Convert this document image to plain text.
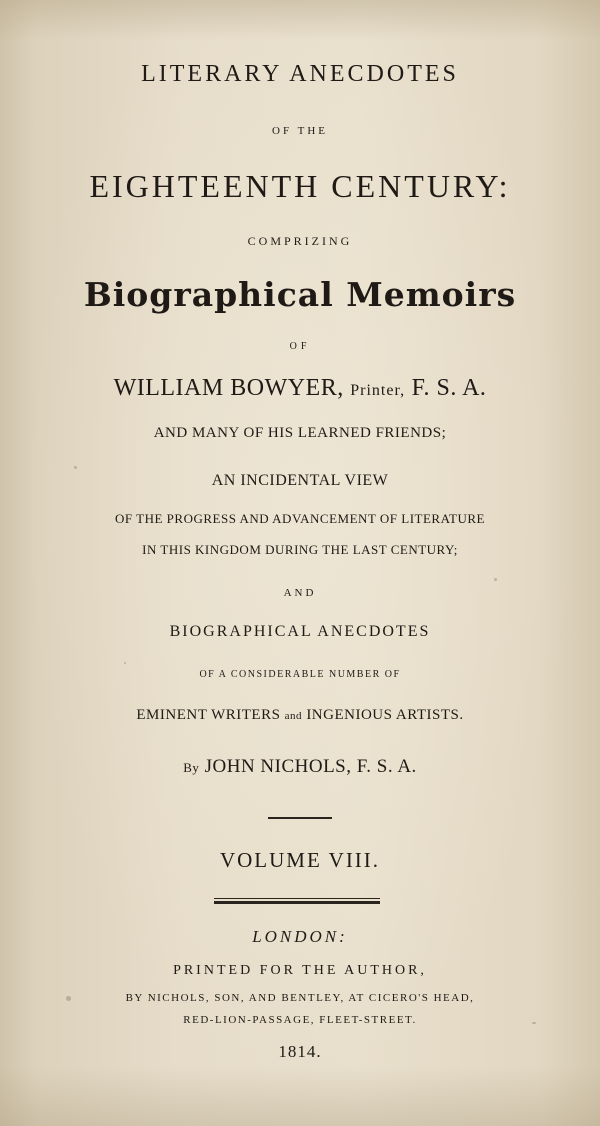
LITERARY ANECDOTES
OF THE
EIGHTEENTH CENTURY:
COMPRIZING
Biographical Memoirs
OF
WILLIAM BOWYER, Printer, F. S. A.
AND MANY OF HIS LEARNED FRIENDS;
AN INCIDENTAL VIEW
OF THE PROGRESS AND ADVANCEMENT OF LITERATURE
IN THIS KINGDOM DURING THE LAST CENTURY;
AND
BIOGRAPHICAL ANECDOTES
OF A CONSIDERABLE NUMBER OF
EMINENT WRITERS and INGENIOUS ARTISTS.
By JOHN NICHOLS, F. S. A.
VOLUME VIII.
LONDON:
PRINTED FOR THE AUTHOR,
BY NICHOLS, SON, AND BENTLEY, AT CICERO'S HEAD,
RED-LION-PASSAGE, FLEET-STREET.
1814.
